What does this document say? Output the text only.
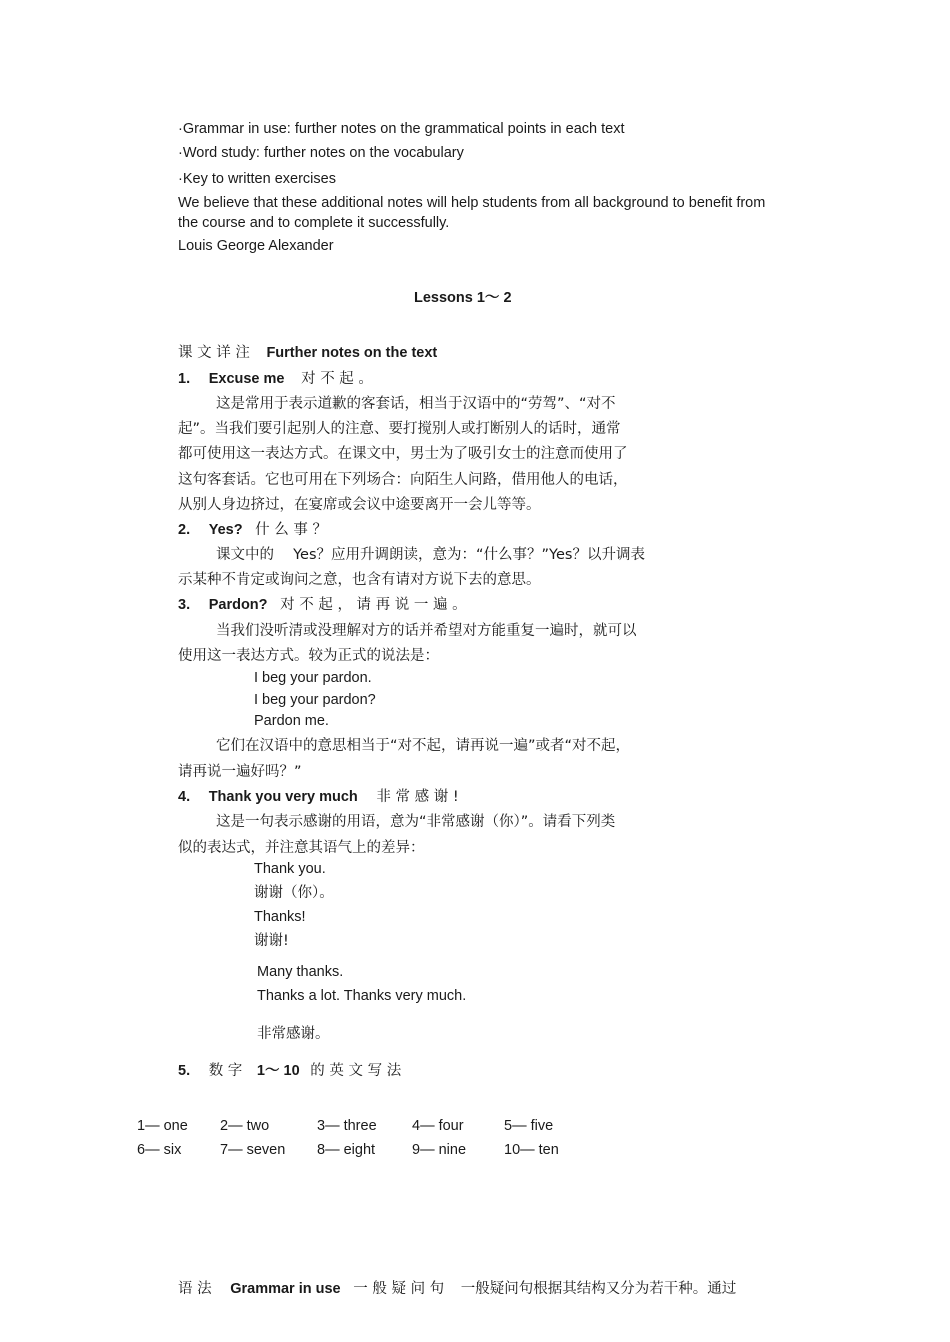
·Grammar in use: further notes on the grammatical points in each text
·Word study: further notes on the vocabulary
·Key to written exercises
We believe that these additional notes will help students from all background to benefit from
the course and to complete it successfully.
Louis George Alexander
Lessons 1～ 2
课 文 详 注 Further notes on the text
1. Excuse me 对 不 起 。
这是常用于表示道歉的客套话，相当于汉语中的“劳驾”、“对不
起”。当我们要引起别人的注意、要打搅别人或打断别人的话时，通常
都可使用这一表达方式。在课文中，男士为了吸引女士的注意而使用了
这句客套话。它也可用在下列场合：向陌生人问路，借用他人的电话，
从别人身边挤过，在宴席或会议中途要离开一会儿等等。
2. Yes? 什 么 事 ？
课文中的　 Yes？应用升调朗读，意为：“什么事？”Yes？以升调表
示某种不肯定或询问之意，也含有请对方说下去的意思。
3. Pardon? 对 不 起 ， 请 再 说 一 遍 。
当我们没听清或没理解对方的话并希望对方能重复一遍时，就可以
使用这一表达方式。较为正式的说法是：
I beg your pardon.
I beg your pardon?
Pardon me.
它们在汉语中的意思相当于“对不起，请再说一遍”或者“对不起，
请再说一遍好吗？”
4. Thank you very much 非 常 感 谢 !
这是一句表示感谢的用语，意为“非常感谢（你）”。请看下列类
似的表达式，并注意其语气上的差异：
Thank you.
谢谢（你）。
Thanks!
谢谢!
Many thanks.
Thanks a lot. Thanks very much.
非常感谢。
5. 数 字 1～ 10 的 英 文 写 法
1— one 2— two	3— three 4— four	5— five
6— six	7— seven 8— eight	9— nine	10— ten
语 法 Grammar in use 一 般 疑 问 句 一般疑问句根据其结构又分为若干种。通过
